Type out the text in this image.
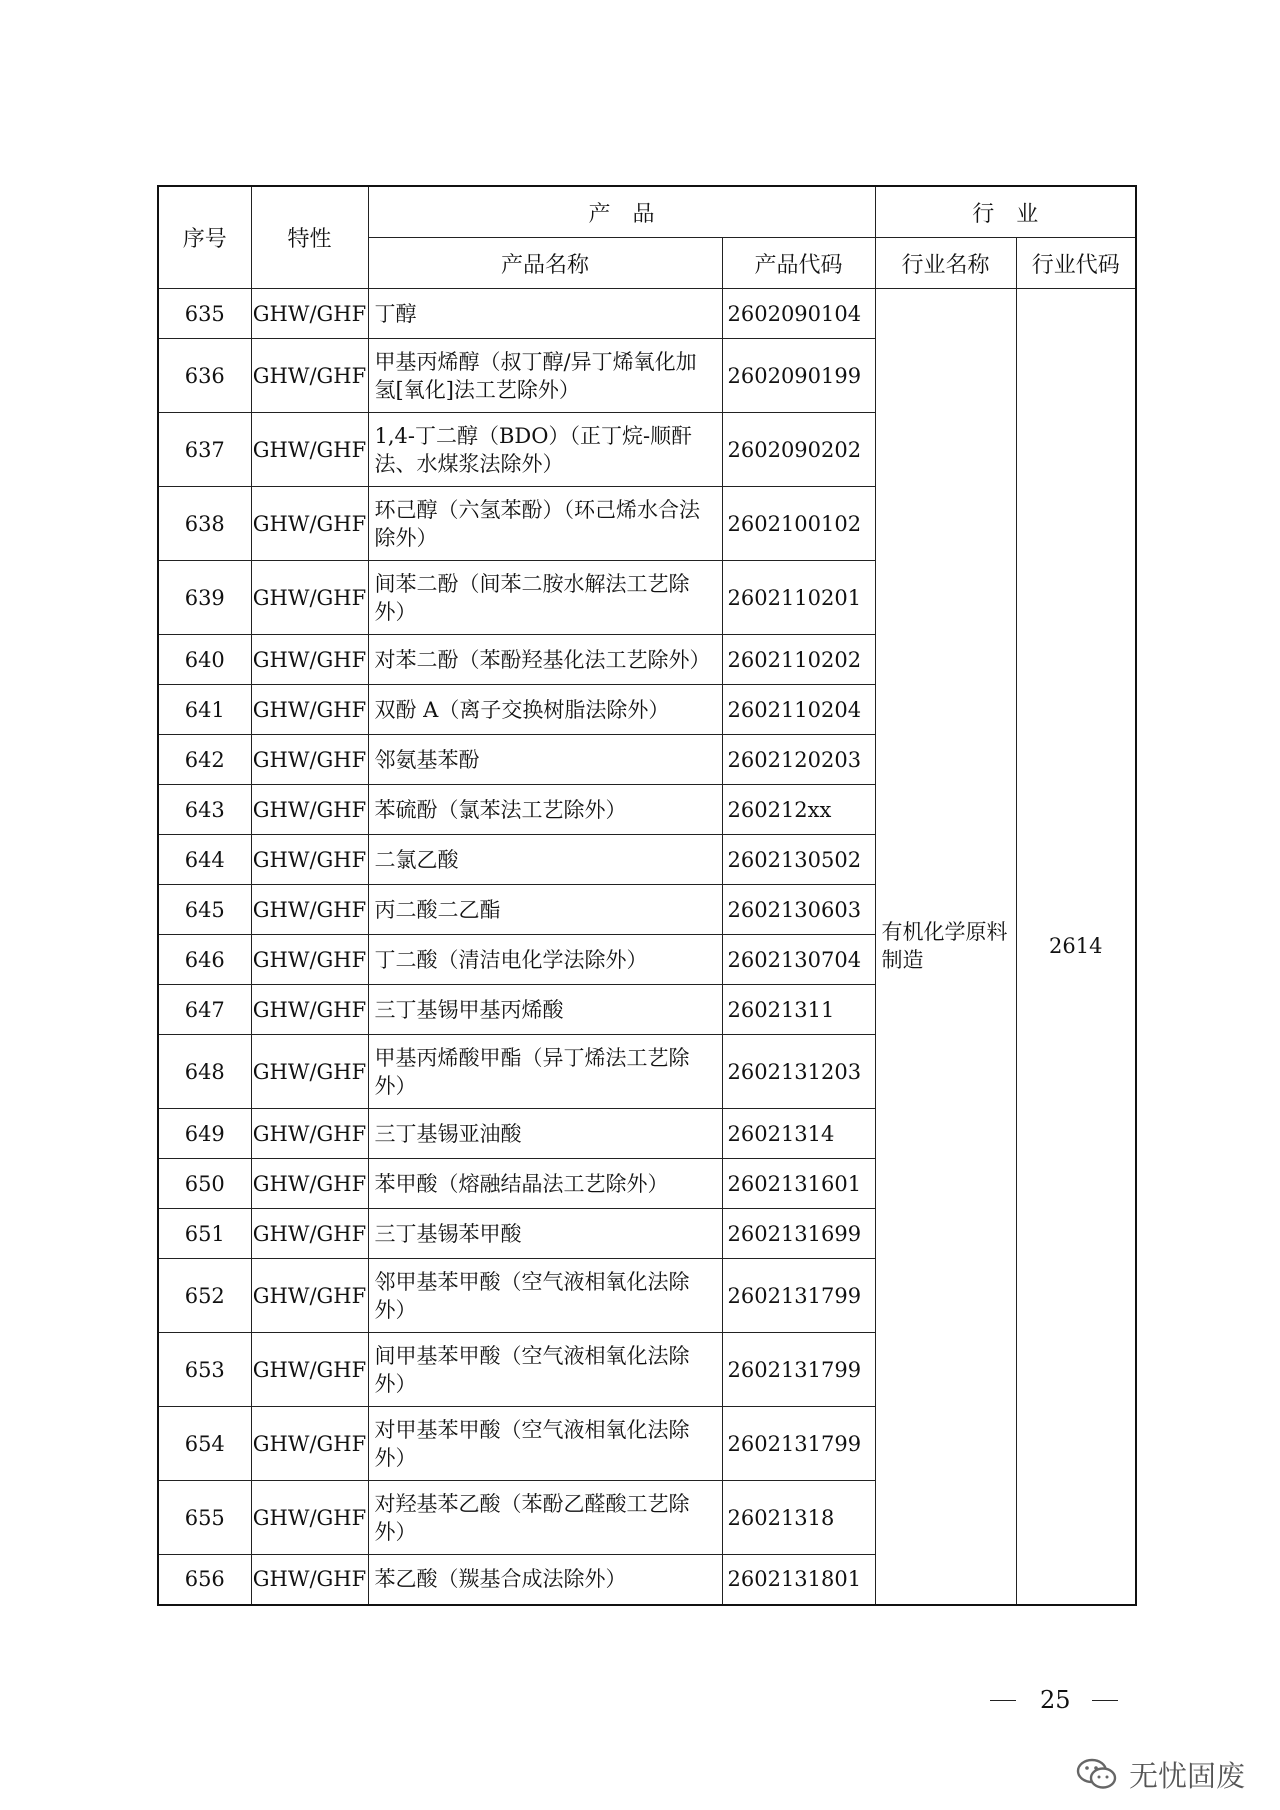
序号	特性	产　品		行　业	
		产品名称	产品代码	行业名称	行业代码
635	GHW/GHF	丁醇	2602090104	有机化学原料制造	2614
636	GHW/GHF	甲基丙烯醇（叔丁醇/异丁烯氧化加氢[氧化]法工艺除外）	2602090199		
637	GHW/GHF	1,4-丁二醇（BDO）（正丁烷-顺酐法、水煤浆法除外）	2602090202		
638	GHW/GHF	环己醇（六氢苯酚）（环己烯水合法除外）	2602100102		
639	GHW/GHF	间苯二酚（间苯二胺水解法工艺除外）	2602110201		
640	GHW/GHF	对苯二酚（苯酚羟基化法工艺除外）	2602110202		
641	GHW/GHF	双酚 A（离子交换树脂法除外）	2602110204		
642	GHW/GHF	邻氨基苯酚	2602120203		
643	GHW/GHF	苯硫酚（氯苯法工艺除外）	260212xx		
644	GHW/GHF	二氯乙酸	2602130502		
645	GHW/GHF	丙二酸二乙酯	2602130603		
646	GHW/GHF	丁二酸（清洁电化学法除外）	2602130704		
647	GHW/GHF	三丁基锡甲基丙烯酸	26021311		
648	GHW/GHF	甲基丙烯酸甲酯（异丁烯法工艺除外）	2602131203		
649	GHW/GHF	三丁基锡亚油酸	26021314		
650	GHW/GHF	苯甲酸（熔融结晶法工艺除外）	2602131601		
651	GHW/GHF	三丁基锡苯甲酸	2602131699		
652	GHW/GHF	邻甲基苯甲酸（空气液相氧化法除外）	2602131799		
653	GHW/GHF	间甲基苯甲酸（空气液相氧化法除外）	2602131799		
654	GHW/GHF	对甲基苯甲酸（空气液相氧化法除外）	2602131799		
655	GHW/GHF	对羟基苯乙酸（苯酚乙醛酸工艺除外）	26021318		
656	GHW/GHF	苯乙酸（羰基合成法除外）	2602131801		
25
无忧固废
